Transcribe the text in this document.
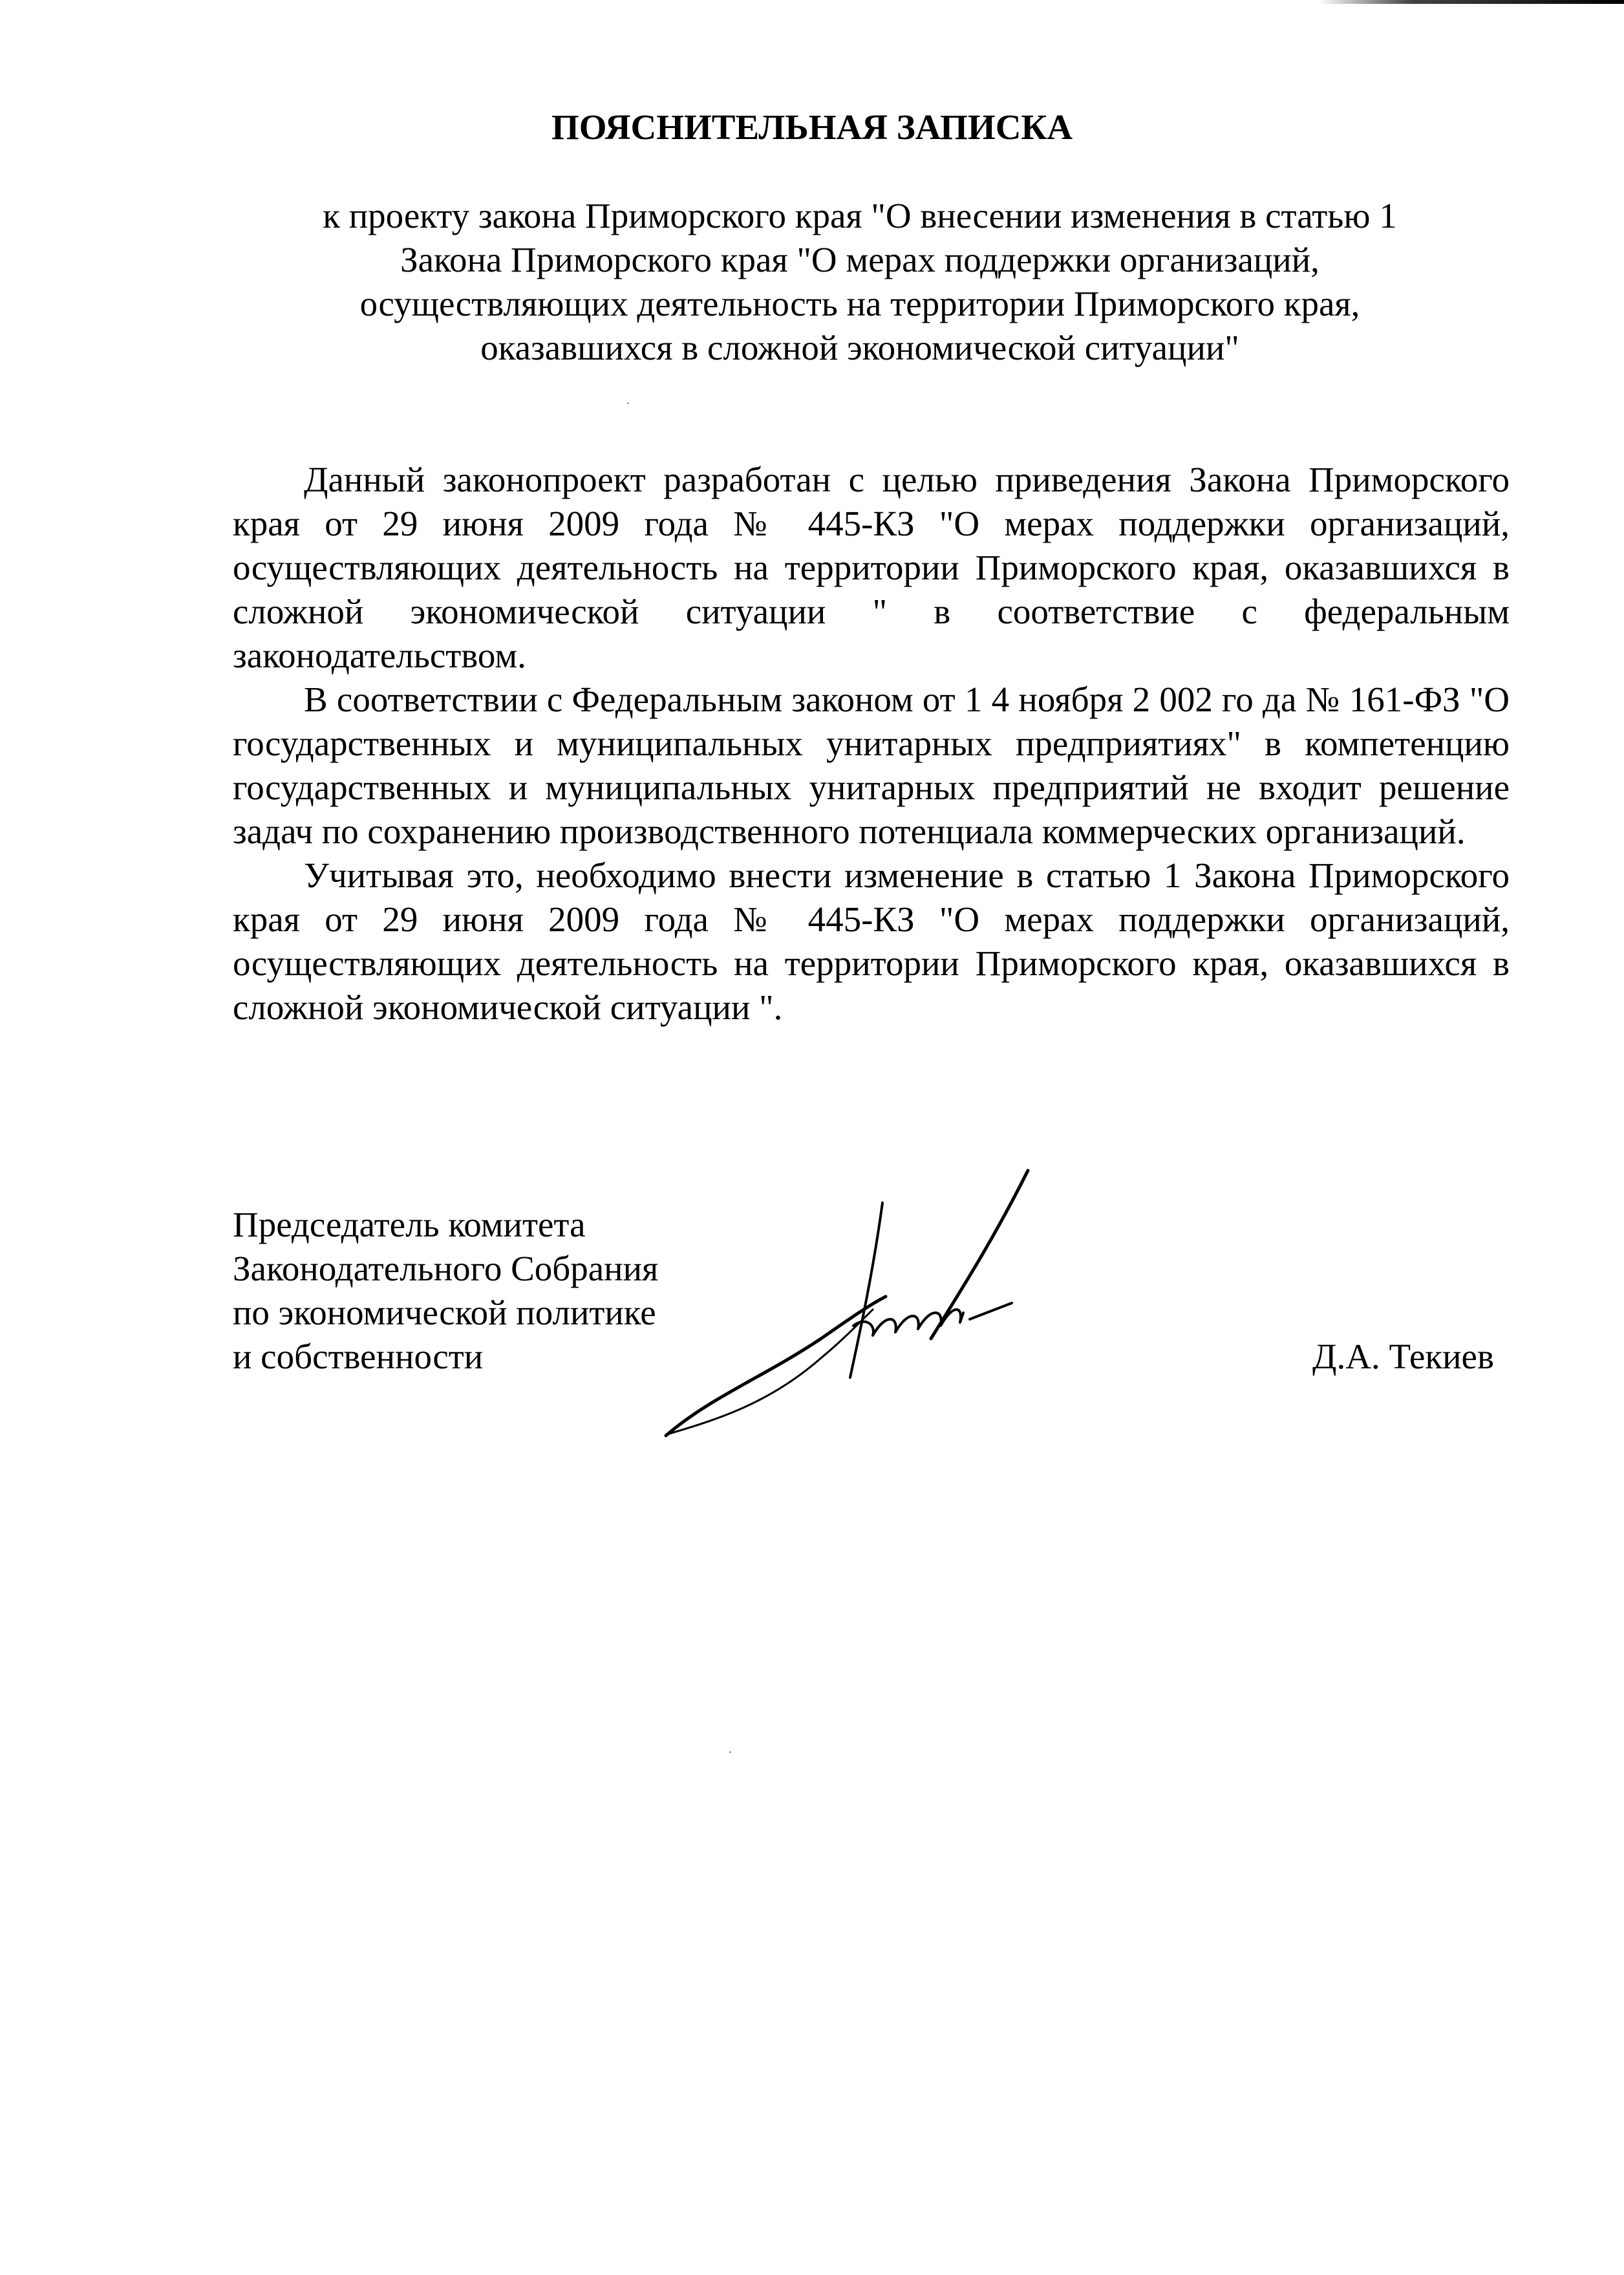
ПОЯСНИТЕЛЬНАЯ ЗАПИСКА
к проекту закона Приморского края "О внесении изменения в статью 1
Закона Приморского края "О мерах поддержки организаций,
осуществляющих деятельность на территории Приморского края,
оказавшихся в сложной экономической ситуации"

Данный законопроект разработан с целью приведения Закона Приморского края от 29 июня 2009 года № 445-КЗ "О мерах поддержки организаций, осуществляющих деятельность на территории Приморского края, оказавшихся в сложной экономической ситуации " в соответствие с федеральным законодательством.

В соответствии с Федеральным законом от 1 4 ноября 2 002 го да № 161-ФЗ "О государственных и муниципальных унитарных предприятиях" в компетенцию государственных и муниципальных унитарных предприятий не входит решение задач по сохранению производственного потенциала коммерческих организаций.

Учитывая это, необходимо внести изменение в статью 1 Закона Приморского края от 29 июня 2009 года № 445-КЗ "О мерах поддержки организаций, осуществляющих деятельность на территории Приморского края, оказавшихся в сложной экономической ситуации ".

Председатель комитета
Законодательного Собрания
по экономической политике
и собственности	Д.А. Текиев
